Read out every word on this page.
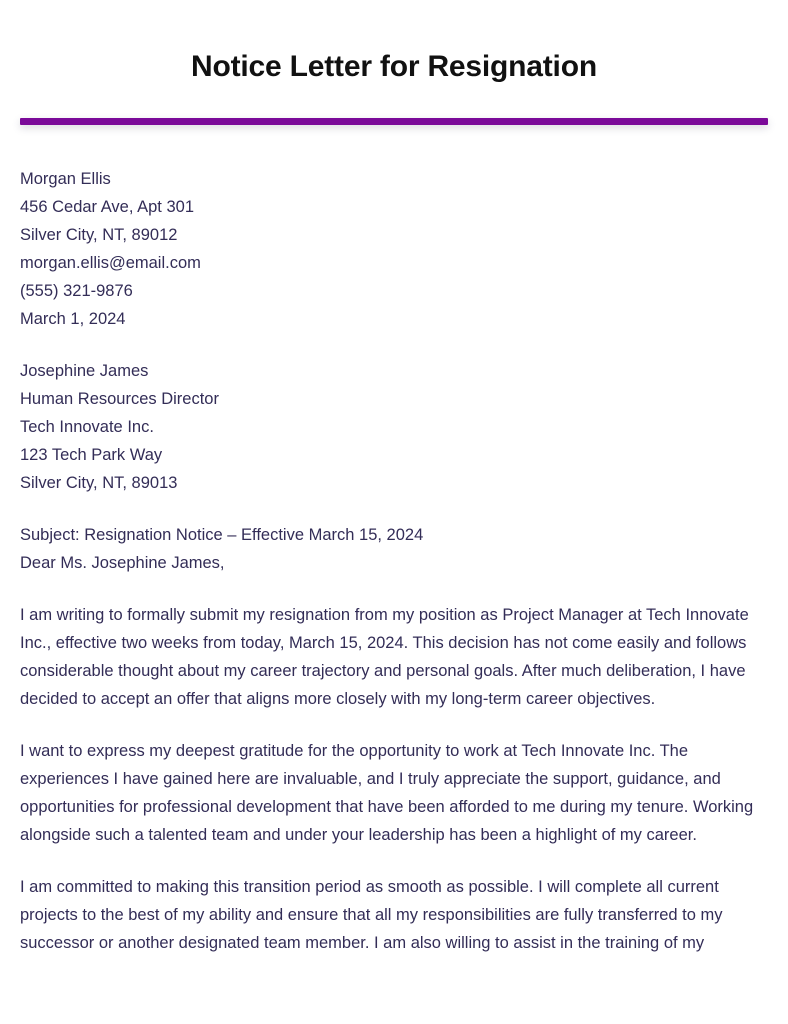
Notice Letter for Resignation
Morgan Ellis
456 Cedar Ave, Apt 301
Silver City, NT, 89012
morgan.ellis@email.com
(555) 321-9876
March 1, 2024
Josephine James
Human Resources Director
Tech Innovate Inc.
123 Tech Park Way
Silver City, NT, 89013
Subject: Resignation Notice – Effective March 15, 2024
Dear Ms. Josephine James,

I am writing to formally submit my resignation from my position as Project Manager at Tech Innovate Inc., effective two weeks from today, March 15, 2024. This decision has not come easily and follows considerable thought about my career trajectory and personal goals. After much deliberation, I have decided to accept an offer that aligns more closely with my long-term career objectives.

I want to express my deepest gratitude for the opportunity to work at Tech Innovate Inc. The experiences I have gained here are invaluable, and I truly appreciate the support, guidance, and opportunities for professional development that have been afforded to me during my tenure. Working alongside such a talented team and under your leadership has been a highlight of my career.

I am committed to making this transition period as smooth as possible. I will complete all current projects to the best of my ability and ensure that all my responsibilities are fully transferred to my successor or another designated team member. I am also willing to assist in the training of my
